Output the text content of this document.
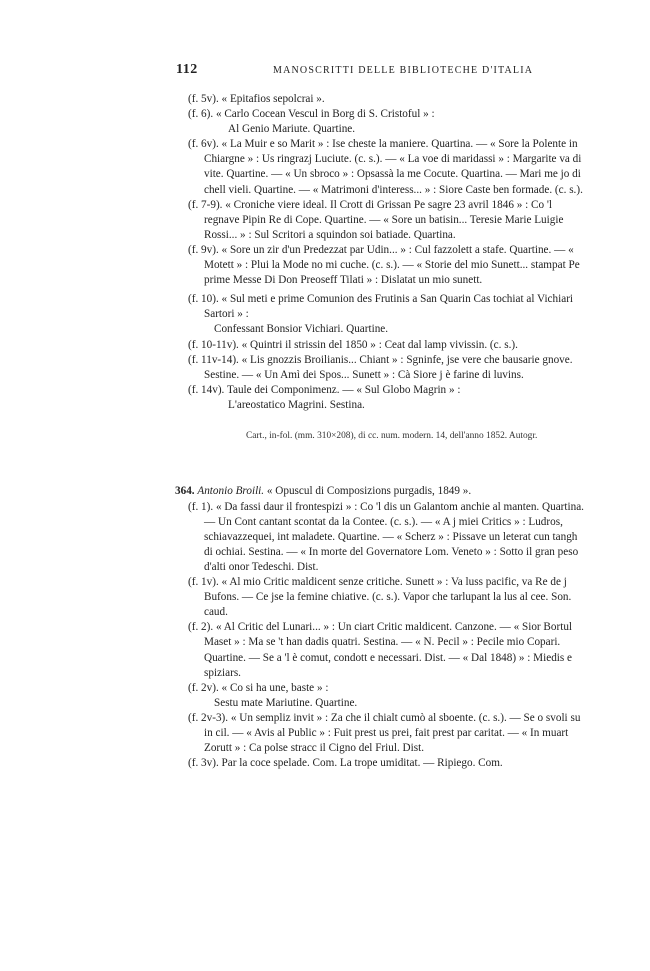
112	MANOSCRITTI DELLE BIBLIOTECHE D'ITALIA

(f. 5v). « Epitafios sepolcrai ».

(f. 6). « Carlo Cocean Vescul in Borg di S. Cristoful » :

Al Genio Mariute. Quartine.

(f. 6v). « La Muir e so Marit » : Ise cheste la maniere. Quartina. — « Sore la Polente in Chiargne » : Us ringrazj Luciute. (c. s.). — « La voe di maridassi » : Margarite va di vite. Quartine. — « Un sbroco » : Opsassà la me Cocute. Quartina. — Mari me jo di chell vieli. Quartine. — « Matrimoni d'interess... » : Siore Caste ben formade. (c. s.).

(f. 7-9). « Croniche viere ideal. Il Crott di Grissan Pe sagre 23 avril 1846 » : Co 'l regnave Pipin Re di Cope. Quartine. — « Sore un batisin... Teresie Marie Luigie Rossi... » : Sul Scritori a squindon soi batiade. Quartina.

(f. 9v). « Sore un zir d'un Predezzat par Udin... » : Cul fazzolett a stafe. Quartine. — « Motett » : Plui la Mode no mi cuche. (c. s.). — « Storie del mio Sunett... stampat Pe prime Messe Di Don Preoseff Tilati » : Dislatat un mio sunett.

(f. 10). « Sul meti e prime Comunion des Frutinis a San Quarin Cas tochiat al Vichiari Sartori » :

Confessant Bonsior Vichiari. Quartine.

(f. 10-11v). « Quintri il strissin del 1850 » : Ceat dal lamp vivissin. (c. s.).

(f. 11v-14). « Lis gnozzis Broilianis... Chiant » : Sgninfe, jse vere che bausarie gnove. Sestine. — « Un Amì dei Spos... Sunett » : Cà Siore j è farine di luvins.

(f. 14v). Taule dei Componimenz. — « Sul Globo Magrin » :

L'areostatico Magrini. Sestina.

Cart., in-fol. (mm. 310×208), di cc. num. modern. 14, dell'anno 1852. Autogr.

364. Antonio Broili. « Opuscul di Composizions purgadis, 1849 ».

(f. 1). « Da fassi daur il frontespizi » : Co 'l dis un Galantom anchie al manten. Quartina. — Un Cont cantant scontat da la Contee. (c. s.). — « A j miei Critics » : Ludros, schiavazzequei, int maladete. Quartine. — « Scherz » : Pissave un leterat cun tangh di ochiai. Sestina. — « In morte del Governatore Lom. Veneto » : Sotto il gran peso d'alti onor Tedeschi. Dist.

(f. 1v). « Al mio Critic maldicent senze critiche. Sunett » : Va luss pacific, va Re de j Bufons. — Ce jse la femine chiative. (c. s.). Vapor che tarlupant la lus al cee. Son. caud.

(f. 2). « Al Critic del Lunari... » : Un ciart Critic maldicent. Canzone. — « Sior Bortul Maset » : Ma se 't han dadis quatri. Sestina. — « N. Pecil » : Pecile mio Copari. Quartine. — Se a 'l è comut, condott e necessari. Dist. — « Dal 1848) » : Miedis e spiziars.

(f. 2v). « Co si ha une, baste » :

Sestu mate Mariutine. Quartine.

(f. 2v-3). « Un sempliz invit » : Za che il chialt cumò al sboente. (c. s.). — Se o svoli su in cil. — « Avis al Public » : Fuit prest us prei, fait prest par caritat. — « In muart Zorutt » : Ca polse stracc il Cigno del Friul. Dist.

(f. 3v). Par la coce spelade. Com. La trope umiditat. — Ripiego. Com.
